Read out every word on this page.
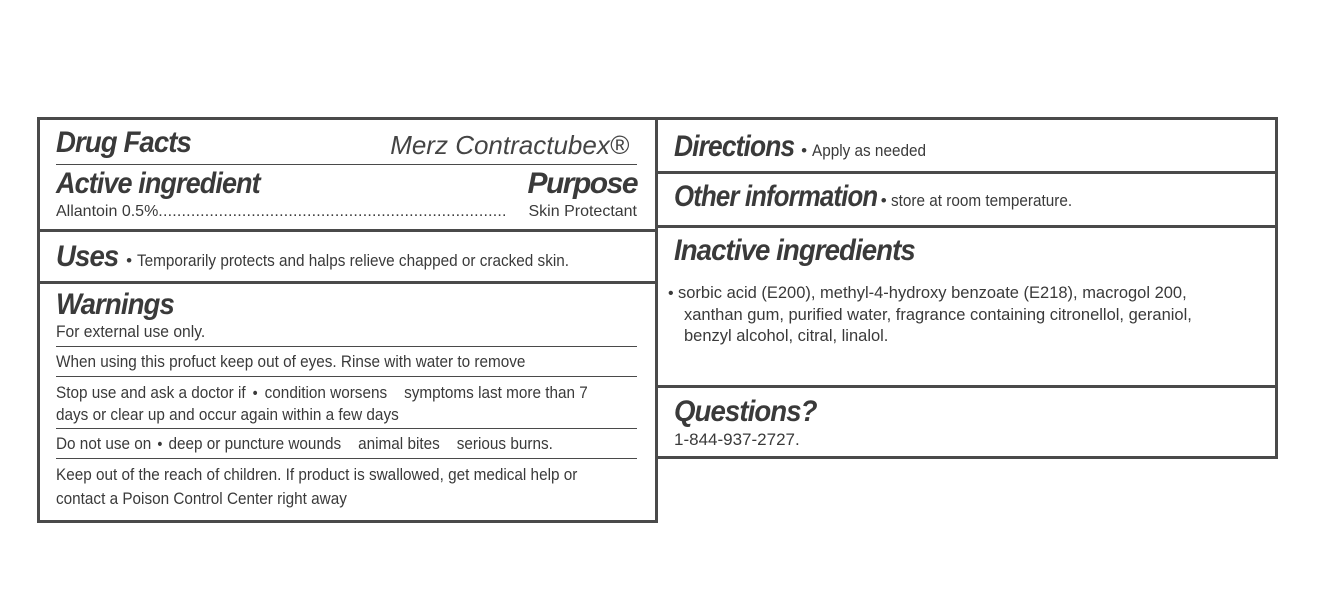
Drug Facts	Merz Contractubex®
Active ingredient	Purpose
Allantoin 0.5% ...........................................................................	Skin Protectant
Uses • Temporarily protects and halps relieve chapped or cracked skin.
Warnings
For external use only.
When using this profuct keep out of eyes. Rinse with water to remove
Stop use and ask a doctor if • condition worsens    symptoms last more than 7
days or clear up and occur again within a few days
Do not use on • deep or puncture wounds    animal bites    serious burns.
Keep out of the reach of children. If product is swallowed, get medical help or
contact a Poison Control Center right away
Directions • Apply as needed
Other information • store at room temperature.
Inactive ingredients
• sorbic acid (E200), methyl-4-hydroxy benzoate (E218), macrogol 200,
xanthan gum, purified water, fragrance containing citronellol, geraniol,
benzyl alcohol, citral, linalol.
Questions?
1-844-937-2727.
